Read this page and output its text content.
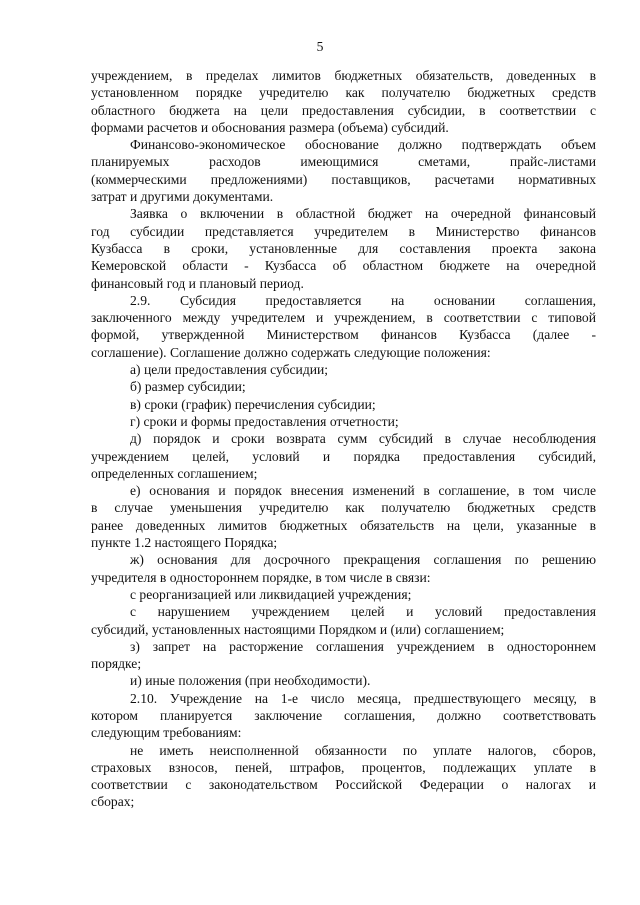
5
учреждением, в пределах лимитов бюджетных обязательств, доведенных в
установленном порядке учредителю как получателю бюджетных средств
областного бюджета на цели предоставления субсидии, в соответствии с
формами расчетов и обоснования размера (объема) субсидий.
Финансово-экономическое обоснование должно подтверждать объем
планируемых расходов имеющимися сметами, прайс-листами
(коммерческими предложениями) поставщиков, расчетами нормативных
затрат и другими документами.
Заявка о включении в областной бюджет на очередной финансовый
год субсидии представляется учредителем в Министерство финансов
Кузбасса в сроки, установленные для составления проекта закона
Кемеровской области - Кузбасса об областном бюджете на очередной
финансовый год и плановый период.
2.9. Субсидия предоставляется на основании соглашения,
заключенного между учредителем и учреждением, в соответствии с типовой
формой, утвержденной Министерством финансов Кузбасса (далее -
соглашение). Соглашение должно содержать следующие положения:
а) цели предоставления субсидии;
б) размер субсидии;
в) сроки (график) перечисления субсидии;
г) сроки и формы предоставления отчетности;
д) порядок и сроки возврата сумм субсидий в случае несоблюдения
учреждением целей, условий и порядка предоставления субсидий,
определенных соглашением;
е) основания и порядок внесения изменений в соглашение, в том числе
в случае уменьшения учредителю как получателю бюджетных средств
ранее доведенных лимитов бюджетных обязательств на цели, указанные в
пункте 1.2 настоящего Порядка;
ж) основания для досрочного прекращения соглашения по решению
учредителя в одностороннем порядке, в том числе в связи:
с реорганизацией или ликвидацией учреждения;
с нарушением учреждением целей и условий предоставления
субсидий, установленных настоящими Порядком и (или) соглашением;
з) запрет на расторжение соглашения учреждением в одностороннем
порядке;
и) иные положения (при необходимости).
2.10. Учреждение на 1-е число месяца, предшествующего месяцу, в
котором планируется заключение соглашения, должно соответствовать
следующим требованиям:
не иметь неисполненной обязанности по уплате налогов, сборов,
страховых взносов, пеней, штрафов, процентов, подлежащих уплате в
соответствии с законодательством Российской Федерации о налогах и
сборах;
